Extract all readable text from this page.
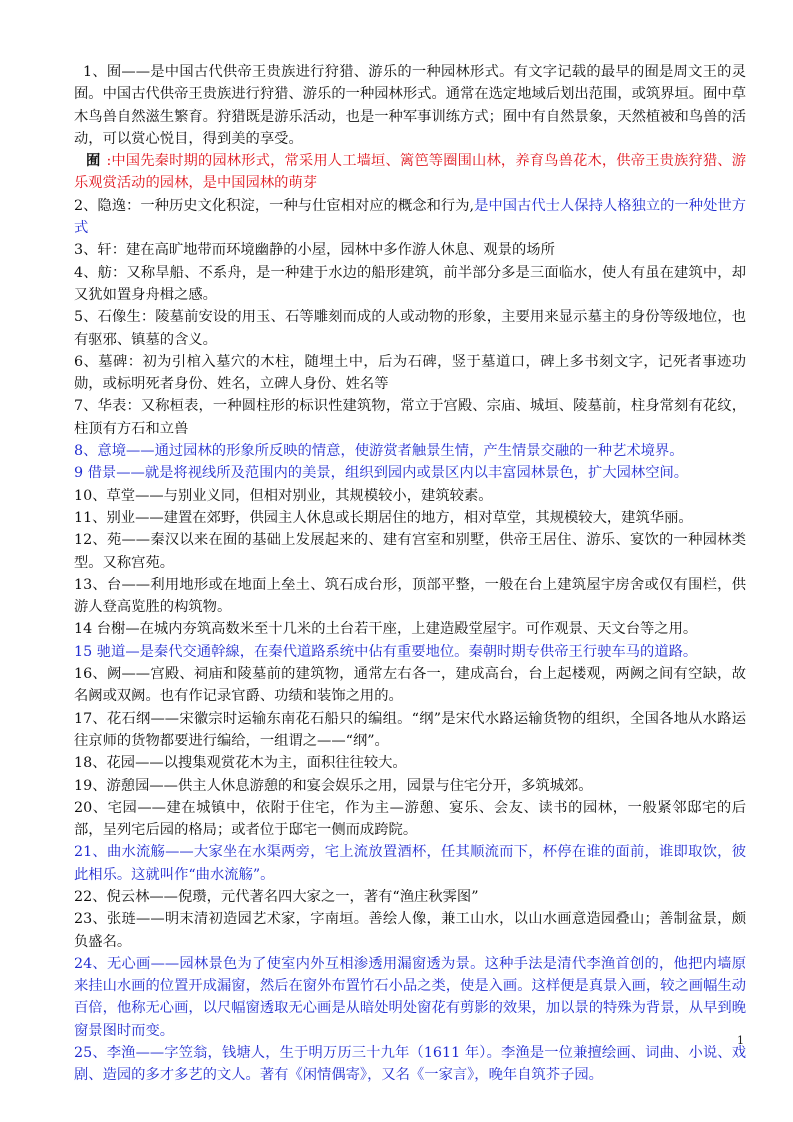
1、囿——是中国古代供帝王贵族进行狩猎、游乐的一种园林形式。有文字记载的最早的囿是周文王的灵囿。中国古代供帝王贵族进行狩猎、游乐的一种园林形式。通常在选定地域后划出范围，或筑界垣。囿中草木鸟兽自然滋生繁育。狩猎既是游乐活动，也是一种军事训练方式；囿中有自然景象，天然植被和鸟兽的活动，可以赏心悦目，得到美的享受。

囿 :中国先秦时期的园林形式，常采用人工墙垣、篱笆等圈围山林，养育鸟兽花木，供帝王贵族狩猎、游乐观赏活动的园林，是中国园林的萌芽

2、隐逸：一种历史文化积淀，一种与仕宦相对应的概念和行为,是中国古代士人保持人格独立的一种处世方式

3、轩：建在高旷地带而环境幽静的小屋，园林中多作游人休息、观景的场所

4、舫：又称旱船、不系舟，是一种建于水边的船形建筑，前半部分多是三面临水，使人有虽在建筑中，却又犹如置身舟楫之感。

5、石像生：陵墓前安设的用玉、石等雕刻而成的人或动物的形象，主要用来显示墓主的身份等级地位，也有驱邪、镇墓的含义。

6、墓碑：初为引棺入墓穴的木柱，随埋土中，后为石碑，竖于墓道口，碑上多书刻文字，记死者事迹功勋，或标明死者身份、姓名，立碑人身份、姓名等

7、华表：又称桓表，一种圆柱形的标识性建筑物，常立于宫殿、宗庙、城垣、陵墓前，柱身常刻有花纹，柱顶有方石和立兽

8、意境——通过园林的形象所反映的情意，使游赏者触景生情，产生情景交融的一种艺术境界。

9 借景——就是将视线所及范围内的美景，组织到园内或景区内以丰富园林景色，扩大园林空间。

10、草堂——与别业义同，但相对别业，其规模较小，建筑较素。

11、别业——建置在郊野，供园主人休息或长期居住的地方，相对草堂，其规模较大，建筑华丽。

12、苑——秦汉以来在囿的基础上发展起来的、建有宫室和别墅，供帝王居住、游乐、宴饮的一种园林类型。又称宫苑。

13、台——利用地形或在地面上垒土、筑石成台形，顶部平整，一般在台上建筑屋宇房舍或仅有围栏，供游人登高览胜的构筑物。

14 台榭—在城内夯筑高数米至十几米的土台若干座，上建造殿堂屋宇。可作观景、天文台等之用。

15 驰道—是秦代交通幹線，在秦代道路系统中佔有重要地位。秦朝时期专供帝王行驶车马的道路。

16、阙——宫殿、祠庙和陵墓前的建筑物，通常左右各一，建成高台，台上起楼观，两阙之间有空缺，故名阙或双阙。也有作记录官爵、功绩和装饰之用的。

17、花石纲——宋徽宗时运输东南花石船只的编组。“纲”是宋代水路运输货物的组织，全国各地从水路运往京师的货物都要进行编给，一组谓之——“纲”。

18、花园——以搜集观赏花木为主，面积往往较大。

19、游憩园——供主人休息游憩的和宴会娱乐之用，园景与住宅分开，多筑城郊。

20、宅园——建在城镇中，依附于住宅，作为主—游憩、宴乐、会友、读书的园林，一般紧邻邸宅的后部，呈列宅后园的格局；或者位于邸宅一侧而成跨院。

21、曲水流觞——大家坐在水渠两旁，宅上流放置酒杯，任其顺流而下，杯停在谁的面前，谁即取饮，彼此相乐。这就叫作“曲水流觞”。

22、倪云林——倪瓒，元代著名四大家之一，著有“渔庄秋霁图”

23、张琏——明末清初造园艺术家，字南垣。善绘人像，兼工山水，以山水画意造园叠山；善制盆景，颇负盛名。

24、无心画——园林景色为了使室内外互相渗透用漏窗透为景。这种手法是清代李渔首创的，他把内墙原来挂山水画的位置开成漏窗，然后在窗外布置竹石小品之类，使是入画。这样便是真景入画，较之画幅生动百倍，他称无心画，以尺幅窗透取无心画是从暗处明处窗花有剪影的效果，加以景的特殊为背景，从早到晚窗景图时而变。

25、李渔——字笠翁，钱塘人，生于明万历三十九年（1611 年）。李渔是一位兼擅绘画、词曲、小说、戏剧、造园的多才多艺的文人。著有《闲情偶寄》，又名《一家言》，晚年自筑芥子园。

1
